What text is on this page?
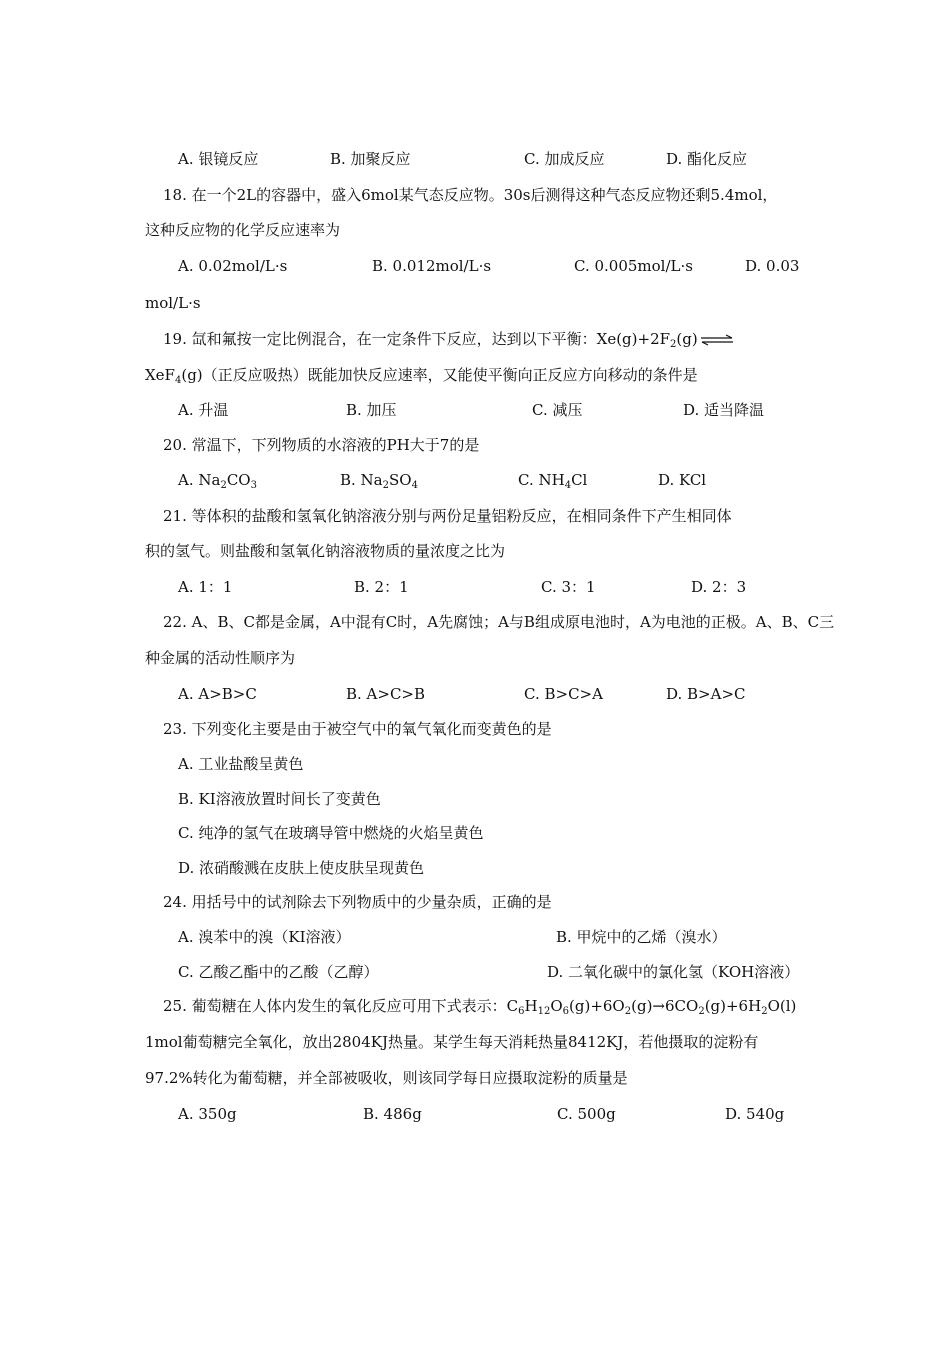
A. 银镜反应	B. 加聚反应	C. 加成反应	D. 酯化反应
18. 在一个2L的容器中，盛入6mol某气态反应物。30s后测得这种气态反应物还剩5.4mol，
这种反应物的化学反应速率为
A. 0.02mol/L·s	B. 0.012mol/L·s	C. 0.005mol/L·s	D. 0.03
mol/L·s
19. 氙和氟按一定比例混合，在一定条件下反应，达到以下平衡：$Xe(g)+2F_2(g)$ ⇌
XeF$_4$(g)（正反应吸热）既能加快反应速率，又能使平衡向正反应方向移动的条件是
A. 升温	B. 加压	C. 减压	D. 适当降温
20. 常温下，下列物质的水溶液的PH大于7的是
A. $Na_2CO_3$	B. $Na_2SO_4$	C. $NH_4Cl$	D. KCl
21. 等体积的盐酸和氢氧化钠溶液分别与两份足量铝粉反应，在相同条件下产生相同体
积的氢气。则盐酸和氢氧化钠溶液物质的量浓度之比为
A. 1：1	B. 2：1	C. 3：1	D. 2：3
22. A、B、C都是金属，A中混有C时，A先腐蚀；A与B组成原电池时，A为电池的正极。A、B、C三
种金属的活动性顺序为
A. A>B>C	B. A>C>B	C. B>C>A	D. B>A>C
23. 下列变化主要是由于被空气中的氧气氧化而变黄色的是
A. 工业盐酸呈黄色
B. KI溶液放置时间长了变黄色
C. 纯净的氢气在玻璃导管中燃烧的火焰呈黄色
D. 浓硝酸溅在皮肤上使皮肤呈现黄色
24. 用括号中的试剂除去下列物质中的少量杂质，正确的是
A. 溴苯中的溴（KI溶液）	B. 甲烷中的乙烯（溴水）
C. 乙酸乙酯中的乙酸（乙醇）	D. 二氧化碳中的氯化氢（KOH溶液）
25. 葡萄糖在人体内发生的氧化反应可用下式表示：$C_6H_{12}O_6(g)+6O_2(g)\to 6CO_2(g)+6H_2O(l)$
1mol葡萄糖完全氧化，放出2804KJ热量。某学生每天消耗热量8412KJ，若他摄取的淀粉有
97.2%转化为葡萄糖，并全部被吸收，则该同学每日应摄取淀粉的质量是
A. 350g	B. 486g	C. 500g	D. 540g
